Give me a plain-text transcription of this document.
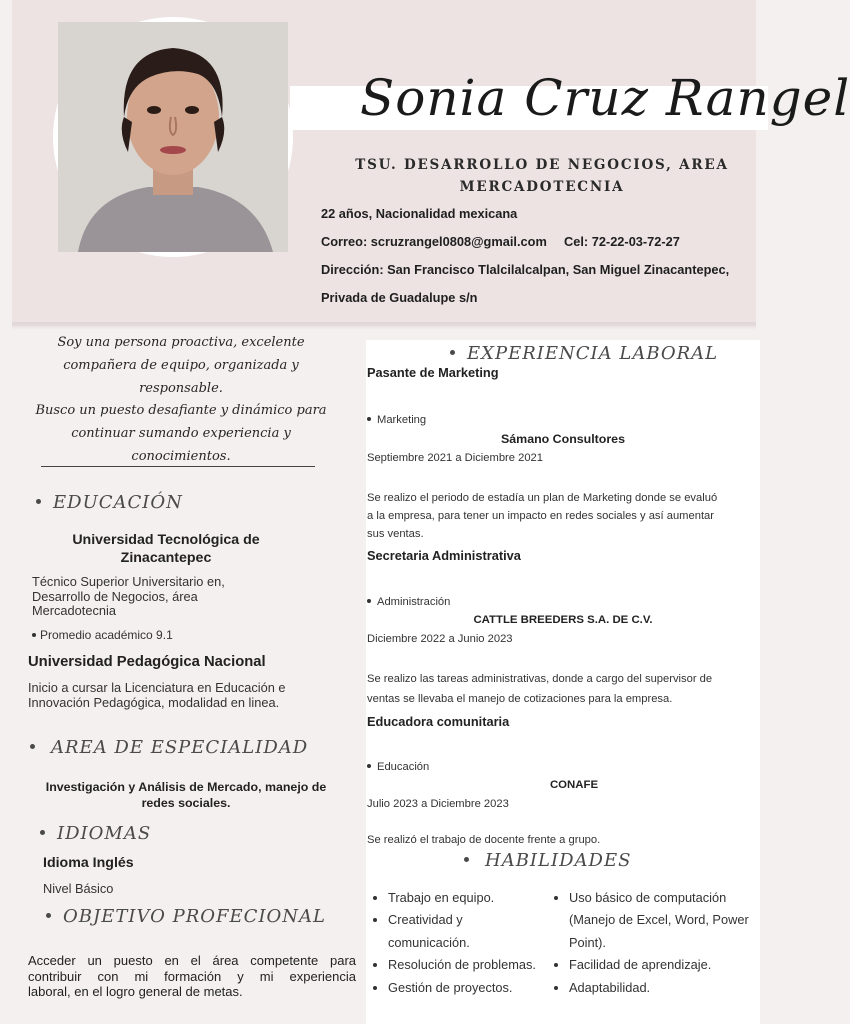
Sonia Cruz Rangel
TSU. DESARROLLO DE NEGOCIOS, AREA MERCADOTECNIA
22 años, Nacionalidad mexicana
Correo: scruzrangel0808@gmail.com Cel: 72-22-03-72-27
Dirección: San Francisco Tlalcilalcalpan, San Miguel Zinacantepec,
Privada de Guadalupe s/n
Soy una persona proactiva, excelente
compañera de equipo, organizada y
responsable.
Busco un puesto desafiante y dinámico para
continuar sumando experiencia y
conocimientos.
EDUCACIÓN
Universidad Tecnológica de
Zinacantepec
Técnico Superior Universitario en,
Desarrollo de Negocios, área
Mercadotecnia
Promedio académico 9.1
Universidad Pedagógica Nacional
Inicio a cursar la Licenciatura en Educación e
Innovación Pedagógica, modalidad en linea.
AREA DE ESPECIALIDAD
Investigación y Análisis de Mercado, manejo de
redes sociales.
IDIOMAS
Idioma Inglés
Nivel Básico
OBJETIVO PROFECIONAL
Acceder un puesto en el área competente para
contribuir con mi formación y mi experiencia
laboral, en el logro general de metas.
EXPERIENCIA LABORAL
Pasante de Marketing
Marketing
Sámano Consultores
Septiembre 2021 a Diciembre 2021
Se realizo el periodo de estadía un plan de Marketing donde se evaluó
a la empresa, para tener un impacto en redes sociales y así aumentar
sus ventas.
Secretaria Administrativa
Administración
CATTLE BREEDERS S.A. DE C.V.
Diciembre 2022 a Junio 2023
Se realizo las tareas administrativas, donde a cargo del supervisor de
ventas se llevaba el manejo de cotizaciones para la empresa.
Educadora comunitaria
Educación
CONAFE
Julio 2023 a Diciembre 2023
Se realizó el trabajo de docente frente a grupo.
HABILIDADES
• Trabajo en equipo.
• Creatividad y
comunicación.
• Resolución de problemas.
• Gestión de proyectos.
• Uso básico de computación
(Manejo de Excel, Word, Power
Point).
• Facilidad de aprendizaje.
• Adaptabilidad.
